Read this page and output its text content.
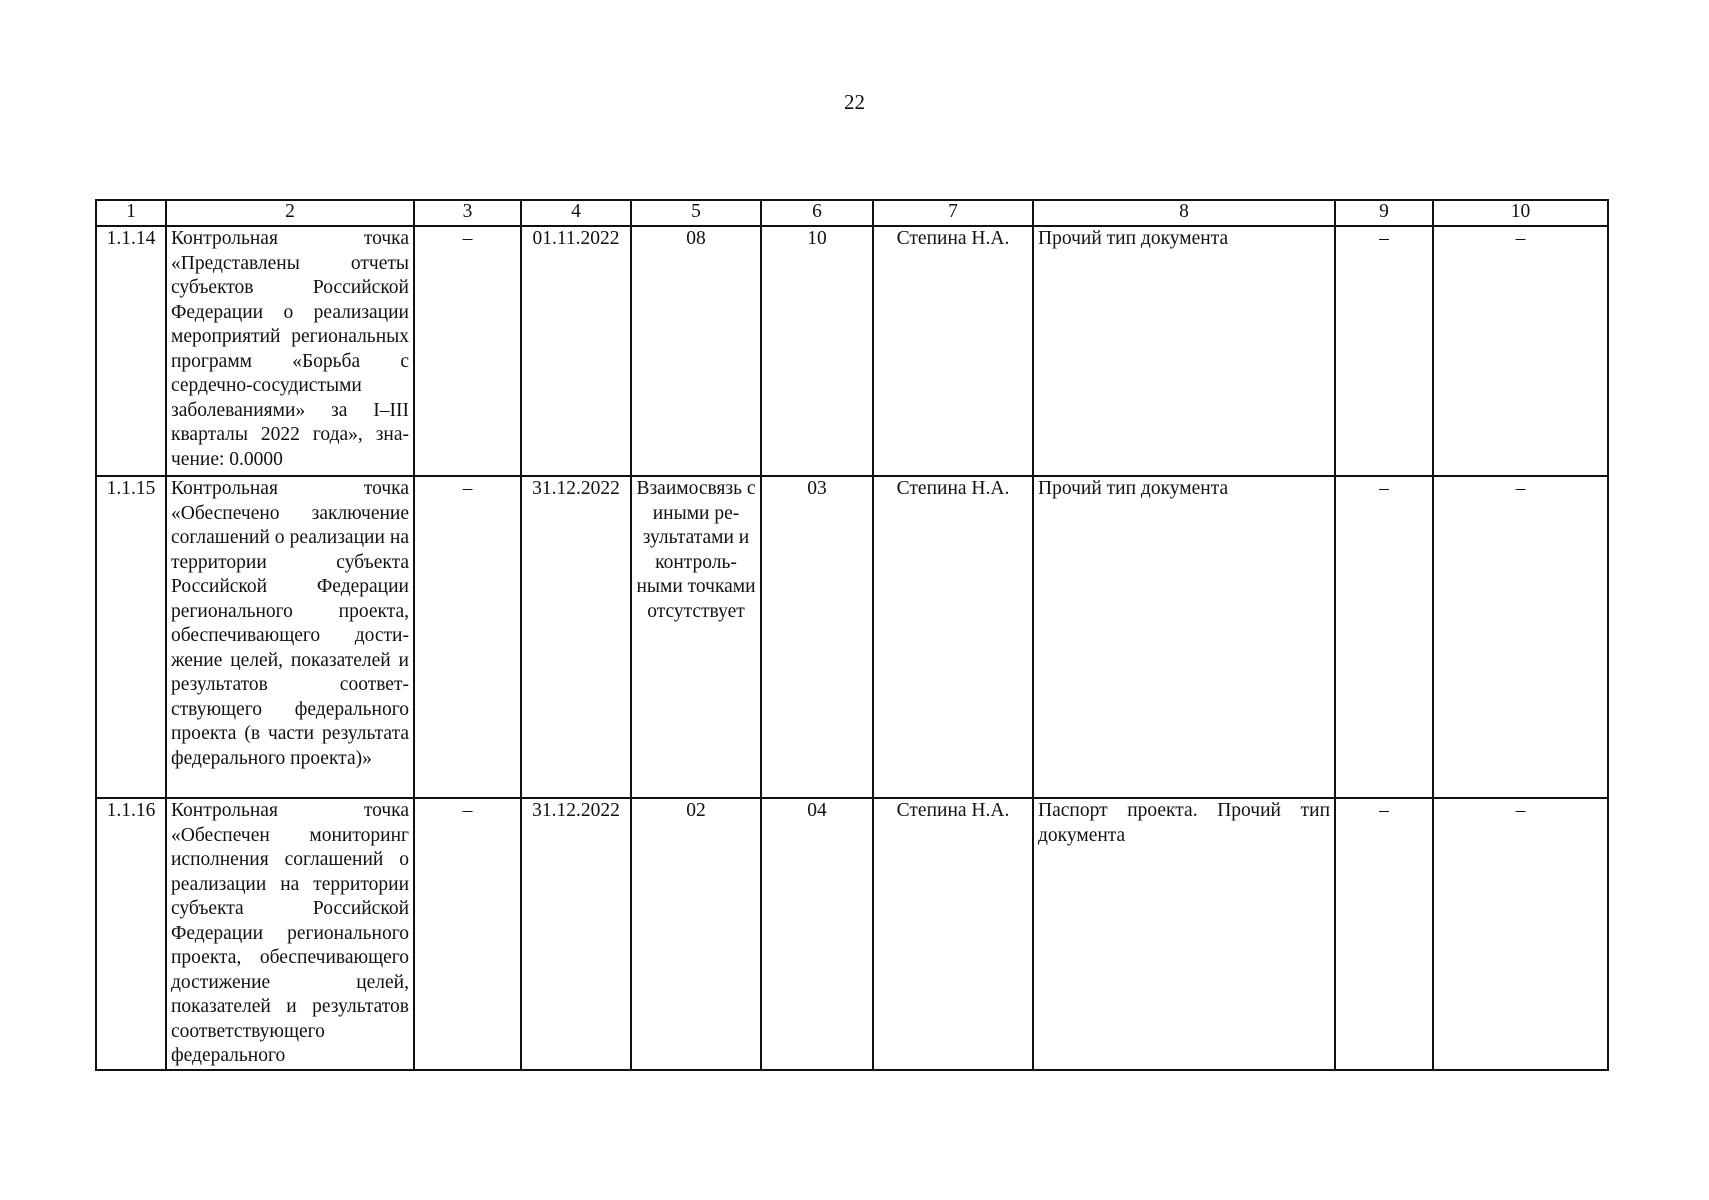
22
1	2	3	4	5	6	7	8	9	10
1.1.14	Контрольная точка «Представлены отчеты субъектов Российской Федерации о реализации мероприятий региональных программ «Борьба с сердечно-сосудистыми заболеваниями» за I–III кварталы 2022 года», значение: 0.0000	–	01.11.2022	08	10	Степина Н.А.	Прочий тип документа	–	–
1.1.15	Контрольная точка «Обеспечено заключение соглашений о реализации на территории субъекта Российской Федерации регионального проекта, обеспечивающего достижение целей, показателей и результатов соответствующего федерального проекта (в части результата федерального проекта)»	–	31.12.2022	Взаимосвязь с иными результатами и контрольными точками отсутствует	03	Степина Н.А.	Прочий тип документа	–	–
1.1.16	Контрольная точка «Обеспечен мониторинг исполнения соглашений о реализации на территории субъекта Российской Федерации регионального проекта, обеспечивающего достижение целей, показателей и результатов соответствующего федерального	–	31.12.2022	02	04	Степина Н.А.	Паспорт проекта. Прочий тип документа	–	–
